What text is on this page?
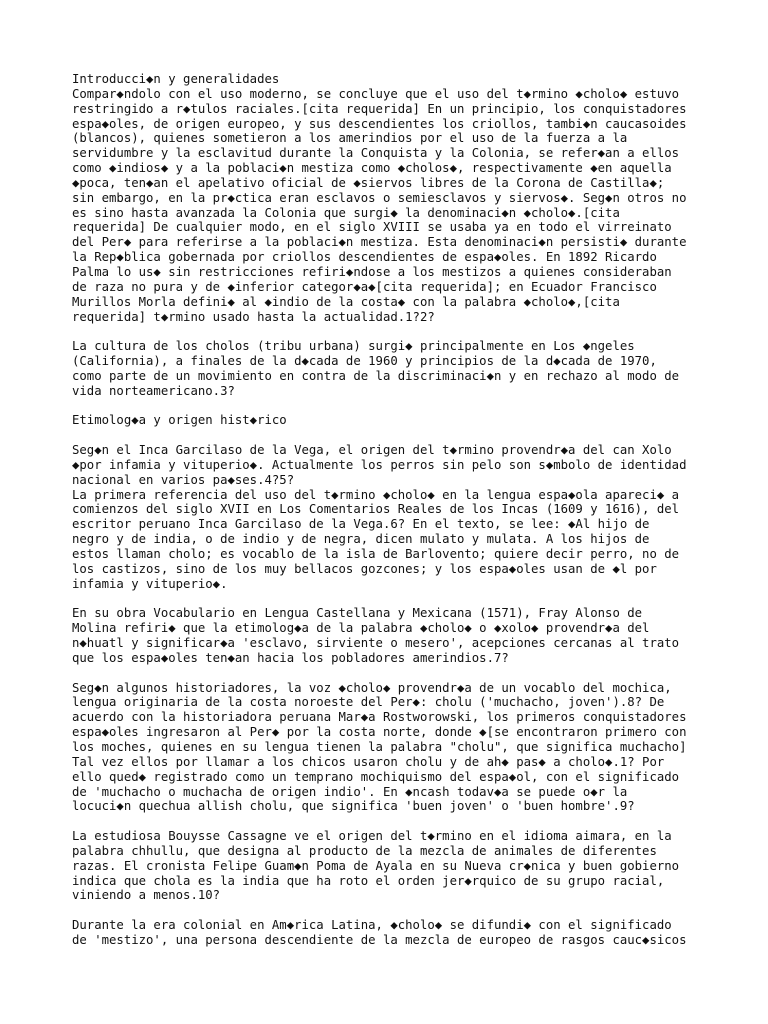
Introducci◆n y generalidades
Compar◆ndolo con el uso moderno, se concluye que el uso del t◆rmino ◆cholo◆ estuvo
restringido a r◆tulos raciales.[cita requerida] En un principio, los conquistadores
espa◆oles, de origen europeo, y sus descendientes los criollos, tambi◆n caucasoides
(blancos), quienes sometieron a los amerindios por el uso de la fuerza a la
servidumbre y la esclavitud durante la Conquista y la Colonia, se refer◆an a ellos
como ◆indios◆ y a la poblaci◆n mestiza como ◆cholos◆, respectivamente ◆en aquella
◆poca, ten◆an el apelativo oficial de ◆siervos libres de la Corona de Castilla◆;
sin embargo, en la pr◆ctica eran esclavos o semiesclavos y siervos◆. Seg◆n otros no
es sino hasta avanzada la Colonia que surgi◆ la denominaci◆n ◆cholo◆.[cita
requerida] De cualquier modo, en el siglo XVIII se usaba ya en todo el virreinato
del Per◆ para referirse a la poblaci◆n mestiza. Esta denominaci◆n persisti◆ durante
la Rep◆blica gobernada por criollos descendientes de espa◆oles. En 1892 Ricardo
Palma lo us◆ sin restricciones refiri◆ndose a los mestizos a quienes consideraban
de raza no pura y de ◆inferior categor◆a◆[cita requerida]; en Ecuador Francisco
Murillos Morla defini◆ al ◆indio de la costa◆ con la palabra ◆cholo◆,[cita
requerida] t◆rmino usado hasta la actualidad.1?2?
La cultura de los cholos (tribu urbana) surgi◆ principalmente en Los ◆ngeles
(California), a finales de la d◆cada de 1960 y principios de la d◆cada de 1970,
como parte de un movimiento en contra de la discriminaci◆n y en rechazo al modo de
vida norteamericano.3?
Etimolog◆a y origen hist◆rico
Seg◆n el Inca Garcilaso de la Vega, el origen del t◆rmino provendr◆a del can Xolo
◆por infamia y vituperio◆. Actualmente los perros sin pelo son s◆mbolo de identidad
nacional en varios pa◆ses.4?5?
La primera referencia del uso del t◆rmino ◆cholo◆ en la lengua espa◆ola apareci◆ a
comienzos del siglo XVII en Los Comentarios Reales de los Incas (1609 y 1616), del
escritor peruano Inca Garcilaso de la Vega.6? En el texto, se lee: ◆Al hijo de
negro y de india, o de indio y de negra, dicen mulato y mulata. A los hijos de
estos llaman cholo; es vocablo de la isla de Barlovento; quiere decir perro, no de
los castizos, sino de los muy bellacos gozcones; y los espa◆oles usan de ◆l por
infamia y vituperio◆.
En su obra Vocabulario en Lengua Castellana y Mexicana (1571), Fray Alonso de
Molina refiri◆ que la etimolog◆a de la palabra ◆cholo◆ o ◆xolo◆ provendr◆a del
n◆huatl y significar◆a 'esclavo, sirviente o mesero', acepciones cercanas al trato
que los espa◆oles ten◆an hacia los pobladores amerindios.7?
Seg◆n algunos historiadores, la voz ◆cholo◆ provendr◆a de un vocablo del mochica,
lengua originaria de la costa noroeste del Per◆: cholu ('muchacho, joven').8? De
acuerdo con la historiadora peruana Mar◆a Rostworowski, los primeros conquistadores
espa◆oles ingresaron al Per◆ por la costa norte, donde ◆[se encontraron primero con
los moches, quienes en su lengua tienen la palabra "cholu", que significa muchacho]
Tal vez ellos por llamar a los chicos usaron cholu y de ah◆ pas◆ a cholo◆.1? Por
ello qued◆ registrado como un temprano mochiquismo del espa◆ol, con el significado
de 'muchacho o muchacha de origen indio'. En ◆ncash todav◆a se puede o◆r la
locuci◆n quechua allish cholu, que significa 'buen joven' o 'buen hombre'.9?
La estudiosa Bouysse Cassagne ve el origen del t◆rmino en el idioma aimara, en la
palabra chhullu, que designa al producto de la mezcla de animales de diferentes
razas. El cronista Felipe Guam◆n Poma de Ayala en su Nueva cr◆nica y buen gobierno
indica que chola es la india que ha roto el orden jer◆rquico de su grupo racial,
viniendo a menos.10?
Durante la era colonial en Am◆rica Latina, ◆cholo◆ se difundi◆ con el significado
de 'mestizo', una persona descendiente de la mezcla de europeo de rasgos cauc◆sicos
